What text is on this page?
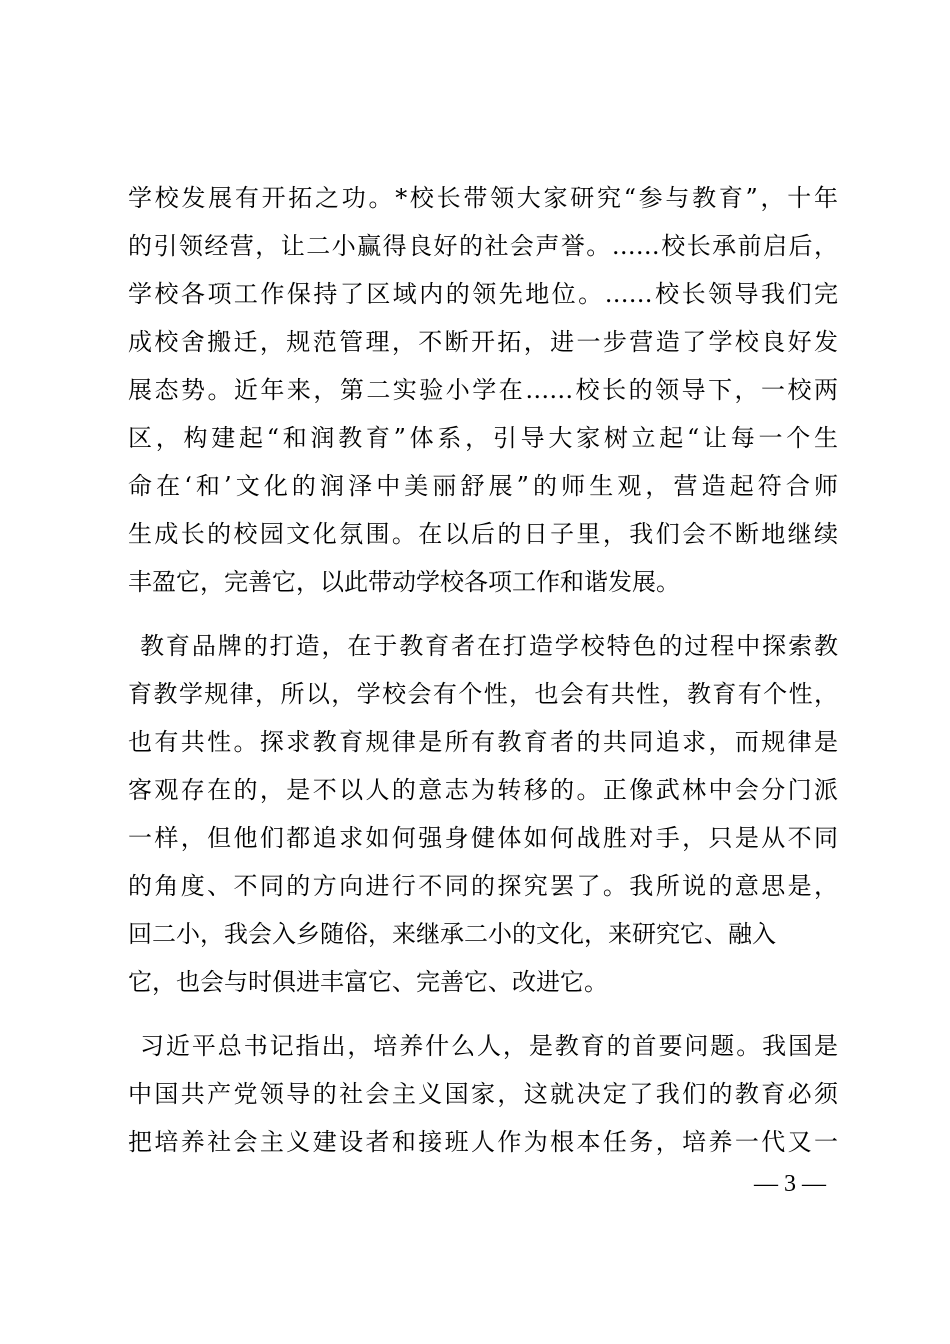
学校发展有开拓之功。*校长带领大家研究“参与教育”，十年
的引领经营，让二小赢得良好的社会声誉。……校长承前启后，
学校各项工作保持了区域内的领先地位。……校长领导我们完
成校舍搬迁，规范管理，不断开拓，进一步营造了学校良好发
展态势。近年来，第二实验小学在……校长的领导下，一校两
区，构建起“和润教育”体系，引导大家树立起“让每一个生
命在‘和’文化的润泽中美丽舒展”的师生观，营造起符合师
生成长的校园文化氛围。在以后的日子里，我们会不断地继续
丰盈它，完善它，以此带动学校各项工作和谐发展。
教育品牌的打造，在于教育者在打造学校特色的过程中探索教
育教学规律，所以，学校会有个性，也会有共性，教育有个性，
也有共性。探求教育规律是所有教育者的共同追求，而规律是
客观存在的，是不以人的意志为转移的。正像武林中会分门派
一样，但他们都追求如何强身健体如何战胜对手，只是从不同
的角度、不同的方向进行不同的探究罢了。我所说的意思是，
回二小，我会入乡随俗，来继承二小的文化，来研究它、融入
它，也会与时俱进丰富它、完善它、改进它。
习近平总书记指出，培养什么人，是教育的首要问题。我国是
中国共产党领导的社会主义国家，这就决定了我们的教育必须
把培养社会主义建设者和接班人作为根本任务，培养一代又一
— 3 —
